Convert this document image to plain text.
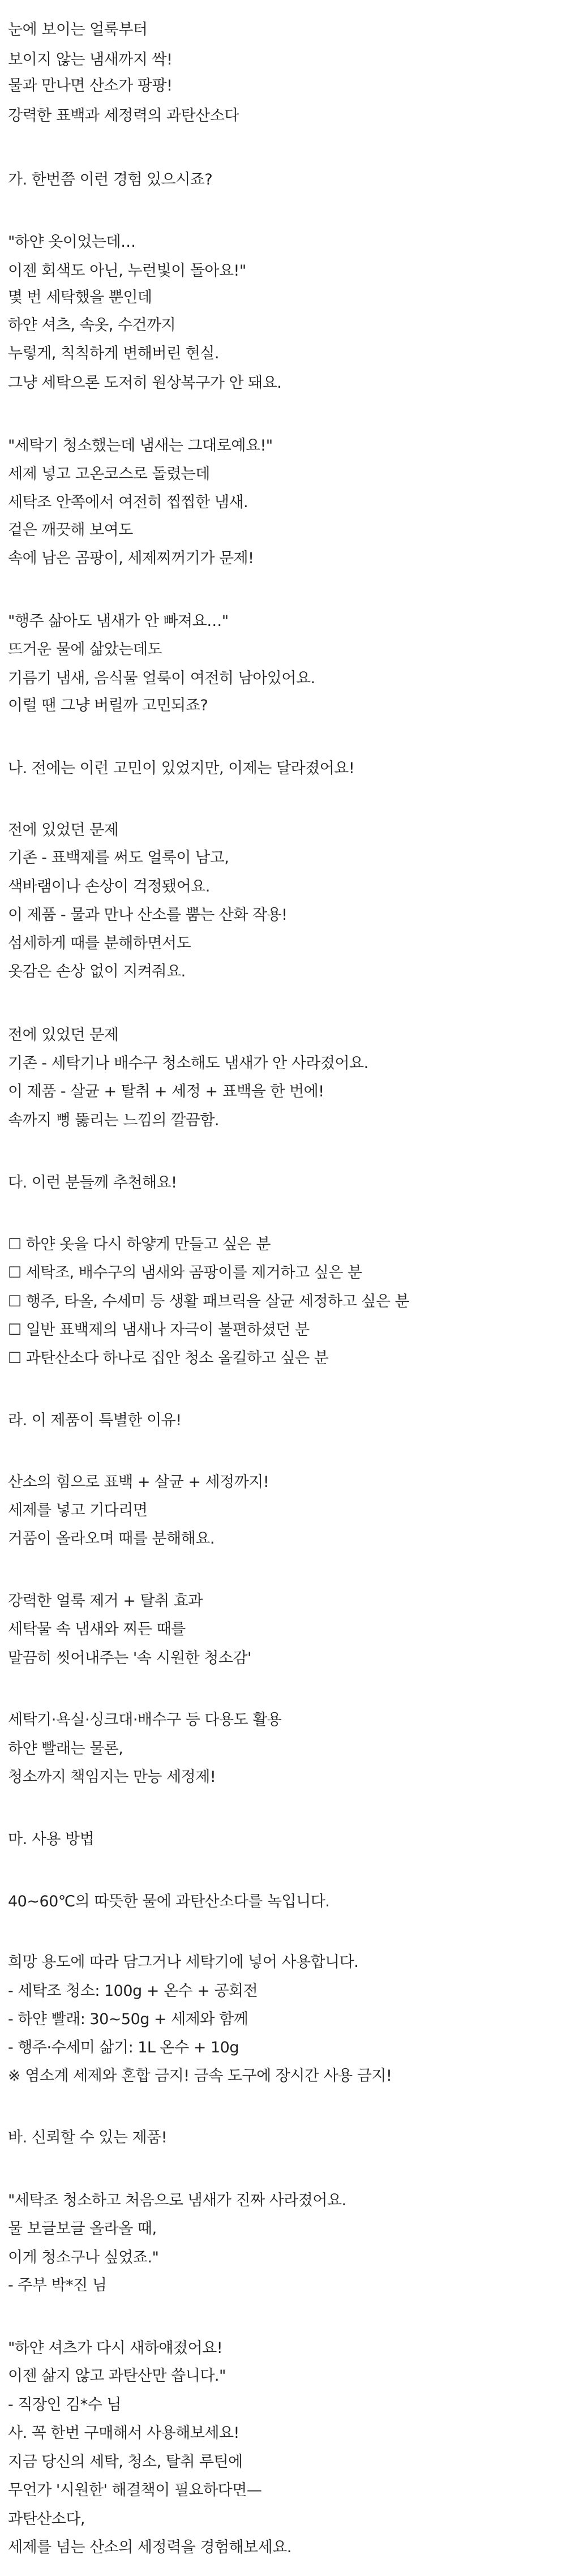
눈에 보이는 얼룩부터
보이지 않는 냄새까지 싹!
물과 만나면 산소가 팡팡!
강력한 표백과 세정력의 과탄산소다
가. 한번쯤 이런 경험 있으시죠?
"하얀 옷이었는데…
이젠 회색도 아닌, 누런빛이 돌아요!"
몇 번 세탁했을 뿐인데
하얀 셔츠, 속옷, 수건까지
누렇게, 칙칙하게 변해버린 현실.
그냥 세탁으론 도저히 원상복구가 안 돼요.
"세탁기 청소했는데 냄새는 그대로예요!"
세제 넣고 고온코스로 돌렸는데
세탁조 안쪽에서 여전히 찝찝한 냄새.
겉은 깨끗해 보여도
속에 남은 곰팡이, 세제찌꺼기가 문제!
"행주 삶아도 냄새가 안 빠져요…"
뜨거운 물에 삶았는데도
기름기 냄새, 음식물 얼룩이 여전히 남아있어요.
이럴 땐 그냥 버릴까 고민되죠?
나. 전에는 이런 고민이 있었지만, 이제는 달라졌어요!
전에 있었던 문제
기존 - 표백제를 써도 얼룩이 남고,
색바램이나 손상이 걱정됐어요.
이 제품 - 물과 만나 산소를 뿜는 산화 작용!
섬세하게 때를 분해하면서도
옷감은 손상 없이 지켜줘요.
전에 있었던 문제
기존 - 세탁기나 배수구 청소해도 냄새가 안 사라졌어요.
이 제품 - 살균 + 탈취 + 세정 + 표백을 한 번에!
속까지 뻥 뚫리는 느낌의 깔끔함.
다. 이런 분들께 추천해요!
☐ 하얀 옷을 다시 하얗게 만들고 싶은 분
☐ 세탁조, 배수구의 냄새와 곰팡이를 제거하고 싶은 분
☐ 행주, 타올, 수세미 등 생활 패브릭을 살균 세정하고 싶은 분
☐ 일반 표백제의 냄새나 자극이 불편하셨던 분
☐ 과탄산소다 하나로 집안 청소 올킬하고 싶은 분
라. 이 제품이 특별한 이유!
산소의 힘으로 표백 + 살균 + 세정까지!
세제를 넣고 기다리면
거품이 올라오며 때를 분해해요.
강력한 얼룩 제거 + 탈취 효과
세탁물 속 냄새와 찌든 때를
말끔히 씻어내주는 '속 시원한 청소감'
세탁기·욕실·싱크대·배수구 등 다용도 활용
하얀 빨래는 물론,
청소까지 책임지는 만능 세정제!
마. 사용 방법
40~60℃의 따뜻한 물에 과탄산소다를 녹입니다.
희망 용도에 따라 담그거나 세탁기에 넣어 사용합니다.
- 세탁조 청소: 100g + 온수 + 공회전
- 하얀 빨래: 30~50g + 세제와 함께
- 행주·수세미 삶기: 1L 온수 + 10g
※ 염소계 세제와 혼합 금지! 금속 도구에 장시간 사용 금지!
바. 신뢰할 수 있는 제품!
"세탁조 청소하고 처음으로 냄새가 진짜 사라졌어요.
물 보글보글 올라올 때,
이게 청소구나 싶었죠."
- 주부 박*진 님
"하얀 셔츠가 다시 새하얘졌어요!
이젠 삶지 않고 과탄산만 씁니다."
- 직장인 김*수 님
사. 꼭 한번 구매해서 사용해보세요!
지금 당신의 세탁, 청소, 탈취 루틴에
무언가 '시원한' 해결책이 필요하다면—
과탄산소다,
세제를 넘는 산소의 세정력을 경험해보세요.
